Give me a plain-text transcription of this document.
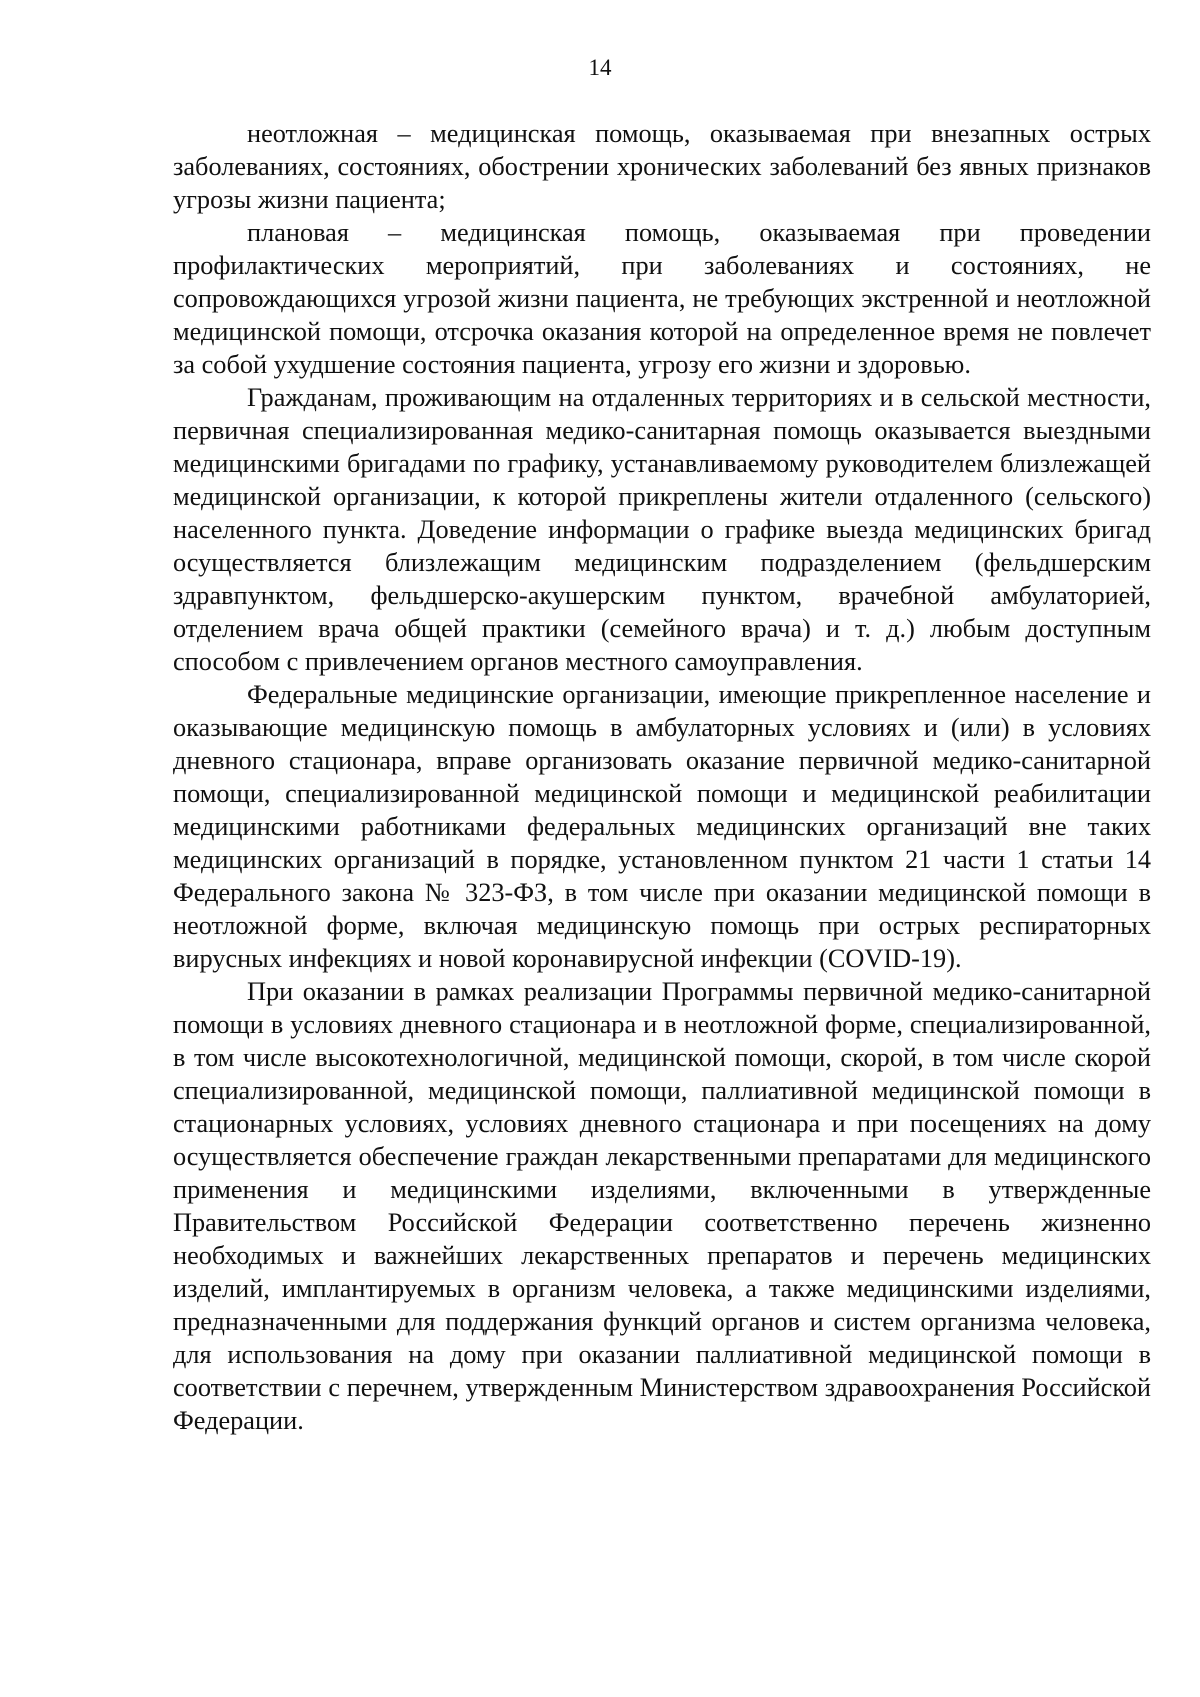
14

неотложная – медицинская помощь, оказываемая при внезапных острых заболеваниях, состояниях, обострении хронических заболеваний без явных признаков угрозы жизни пациента;

плановая – медицинская помощь, оказываемая при проведении профилактических мероприятий, при заболеваниях и состояниях, не сопровождающихся угрозой жизни пациента, не требующих экстренной и неотложной медицинской помощи, отсрочка оказания которой на определенное время не повлечет за собой ухудшение состояния пациента, угрозу его жизни и здоровью.

Гражданам, проживающим на отдаленных территориях и в сельской местности, первичная специализированная медико-санитарная помощь оказывается выездными медицинскими бригадами по графику, устанавливаемому руководителем близлежащей медицинской организации, к которой прикреплены жители отдаленного (сельского) населенного пункта. Доведение информации о графике выезда медицинских бригад осуществляется близлежащим медицинским подразделением (фельдшерским здравпунктом, фельдшерско-акушерским пунктом, врачебной амбулаторией, отделением врача общей практики (семейного врача) и т. д.) любым доступным способом с привлечением органов местного самоуправления.

Федеральные медицинские организации, имеющие прикрепленное население и оказывающие медицинскую помощь в амбулаторных условиях и (или) в условиях дневного стационара, вправе организовать оказание первичной медико-санитарной помощи, специализированной медицинской помощи и медицинской реабилитации медицинскими работниками федеральных медицинских организаций вне таких медицинских организаций в порядке, установленном пунктом 21 части 1 статьи 14 Федерального закона № 323-ФЗ, в том числе при оказании медицинской помощи в неотложной форме, включая медицинскую помощь при острых респираторных вирусных инфекциях и новой коронавирусной инфекции (COVID-19).

При оказании в рамках реализации Программы первичной медико-санитарной помощи в условиях дневного стационара и в неотложной форме, специализированной, в том числе высокотехнологичной, медицинской помощи, скорой, в том числе скорой специализированной, медицинской помощи, паллиативной медицинской помощи в стационарных условиях, условиях дневного стационара и при посещениях на дому осуществляется обеспечение граждан лекарственными препаратами для медицинского применения и медицинскими изделиями, включенными в утвержденные Правительством Российской Федерации соответственно перечень жизненно необходимых и важнейших лекарственных препаратов и перечень медицинских изделий, имплантируемых в организм человека, а также медицинскими изделиями, предназначенными для поддержания функций органов и систем организма человека, для использования на дому при оказании паллиативной медицинской помощи в соответствии с перечнем, утвержденным Министерством здравоохранения Российской Федерации.
